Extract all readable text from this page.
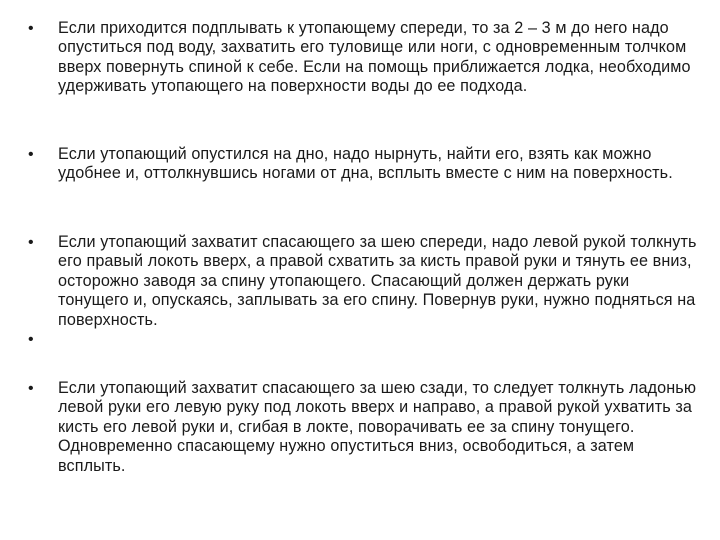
•	Если приходится подплывать к утопающему спереди, то за 2 – 3 м до него надо опуститься под воду, захватить его туловище или ноги, с одновременным толчком вверх повернуть спиной к себе. Если на помощь приближается лодка, необходимо удерживать утопающего на поверхности воды до ее подхода.
•	Если утопающий опустился на дно, надо нырнуть, найти его, взять как можно удобнее и, оттолкнувшись ногами от дна, всплыть вместе с ним на поверхность.
•	Если утопающий захватит спасающего за шею спереди, надо левой рукой толкнуть его правый локоть вверх, а правой схватить за кисть правой руки и тянуть ее вниз, осторожно заводя за спину утопающего. Спасающий должен держать руки тонущего и, опускаясь, заплывать за его спину. Повернув руки, нужно подняться на поверхность.
•
•	Если утопающий захватит спасающего за шею сзади, то следует толкнуть ладонью левой руки его левую руку под локоть вверх и направо, а правой рукой ухватить за кисть его левой руки и, сгибая в локте, поворачивать ее за спину тонущего. Одновременно спасающему нужно опуститься вниз, освободиться, а затем всплыть.
